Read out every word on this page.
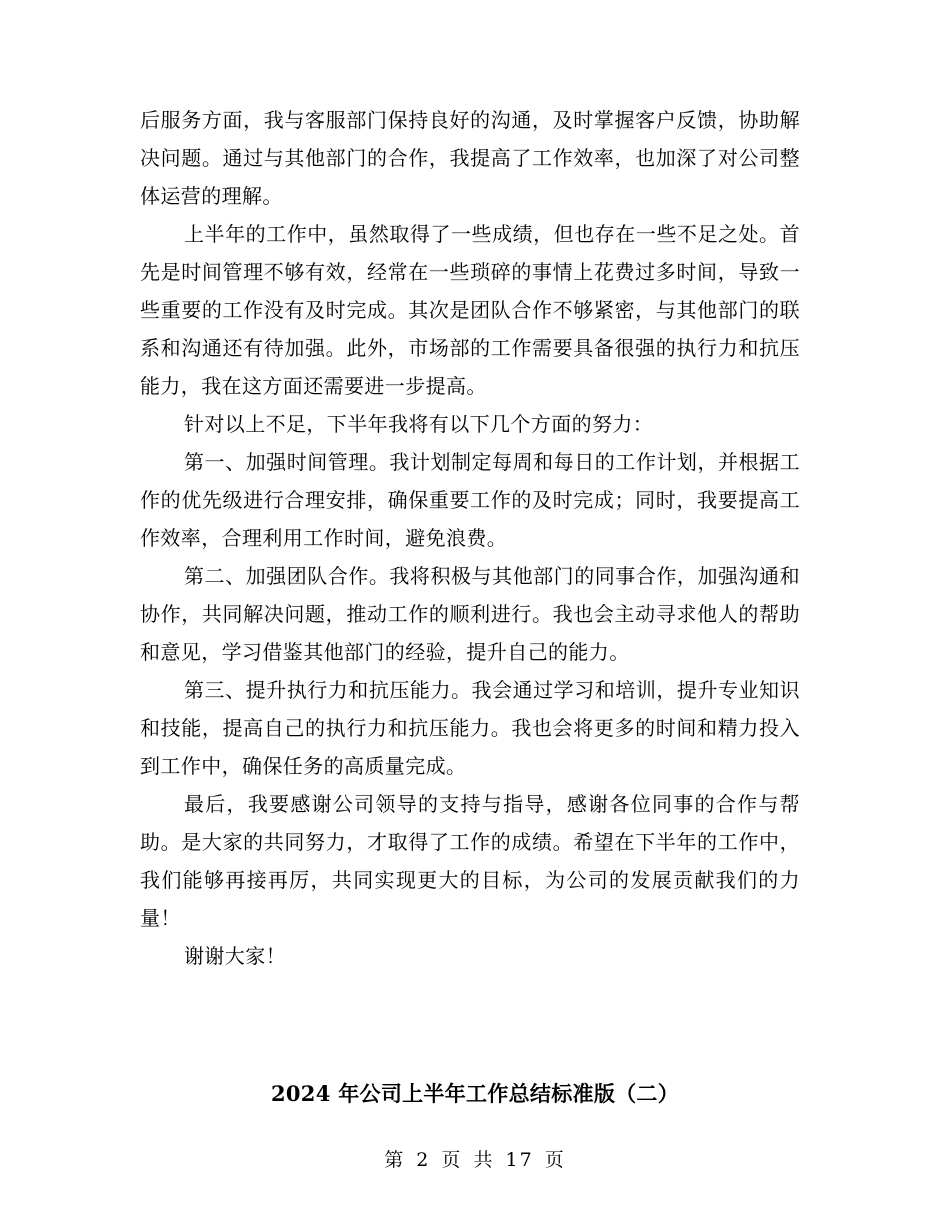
后服务方面，我与客服部门保持良好的沟通，及时掌握客户反馈，协助解决问题。通过与其他部门的合作，我提高了工作效率，也加深了对公司整体运营的理解。

上半年的工作中，虽然取得了一些成绩，但也存在一些不足之处。首先是时间管理不够有效，经常在一些琐碎的事情上花费过多时间，导致一些重要的工作没有及时完成。其次是团队合作不够紧密，与其他部门的联系和沟通还有待加强。此外，市场部的工作需要具备很强的执行力和抗压能力，我在这方面还需要进一步提高。

针对以上不足，下半年我将有以下几个方面的努力：

第一、加强时间管理。我计划制定每周和每日的工作计划，并根据工作的优先级进行合理安排，确保重要工作的及时完成；同时，我要提高工作效率，合理利用工作时间，避免浪费。

第二、加强团队合作。我将积极与其他部门的同事合作，加强沟通和协作，共同解决问题，推动工作的顺利进行。我也会主动寻求他人的帮助和意见，学习借鉴其他部门的经验，提升自己的能力。

第三、提升执行力和抗压能力。我会通过学习和培训，提升专业知识和技能，提高自己的执行力和抗压能力。我也会将更多的时间和精力投入到工作中，确保任务的高质量完成。

最后，我要感谢公司领导的支持与指导，感谢各位同事的合作与帮助。是大家的共同努力，才取得了工作的成绩。希望在下半年的工作中，我们能够再接再厉，共同实现更大的目标，为公司的发展贡献我们的力量！

谢谢大家！

2024 年公司上半年工作总结标准版（二）
第 2 页 共 17 页
